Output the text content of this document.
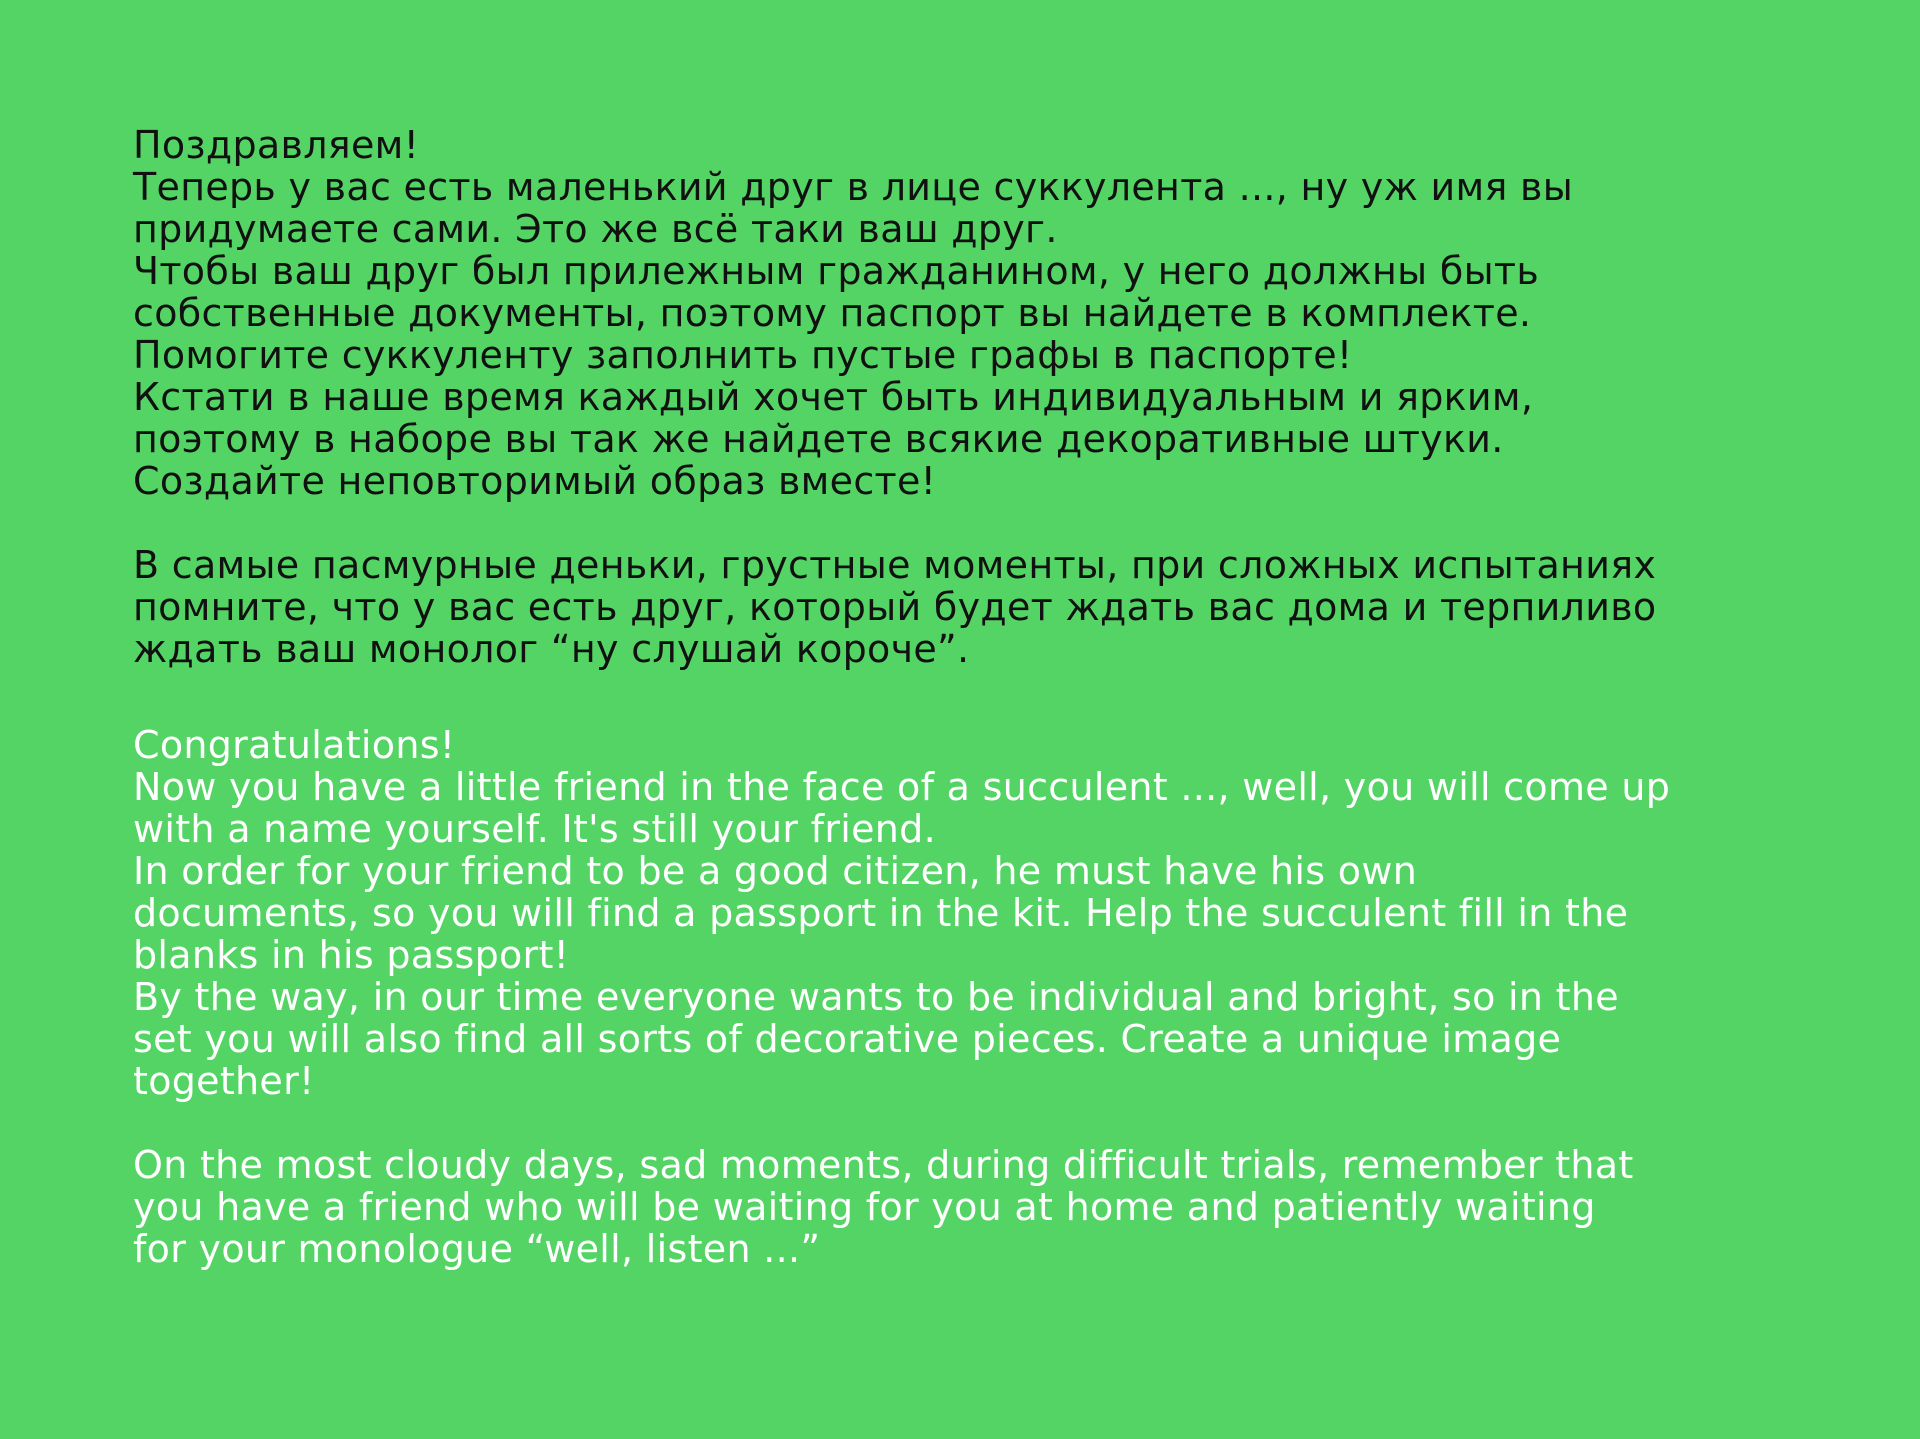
Поздравляем!
Теперь у вас есть маленький друг в лице суккулента ..., ну уж имя вы
придумаете сами. Это же всё таки ваш друг.
Чтобы ваш друг был прилежным гражданином, у него должны быть
собственные документы, поэтому паспорт вы найдете в комплекте.
Помогите суккуленту заполнить пустые графы в паспорте!
Кстати в наше время каждый хочет быть индивидуальным и ярким,
поэтому в наборе вы так же найдете всякие декоративные штуки.
Создайте неповторимый образ вместе!
В самые пасмурные деньки, грустные моменты, при сложных испытаниях
помните, что у вас есть друг, который будет ждать вас дома и терпиливо
ждать ваш монолог “ну слушай короче”.
Congratulations!
Now you have a little friend in the face of a succulent ..., well, you will come up
with a name yourself. It's still your friend.
In order for your friend to be a good citizen, he must have his own
documents, so you will find a passport in the kit. Help the succulent fill in the
blanks in his passport!
By the way, in our time everyone wants to be individual and bright, so in the
set you will also find all sorts of decorative pieces. Create a unique image
together!
On the most cloudy days, sad moments, during difficult trials, remember that
you have a friend who will be waiting for you at home and patiently waiting
for your monologue “well, listen ...”
